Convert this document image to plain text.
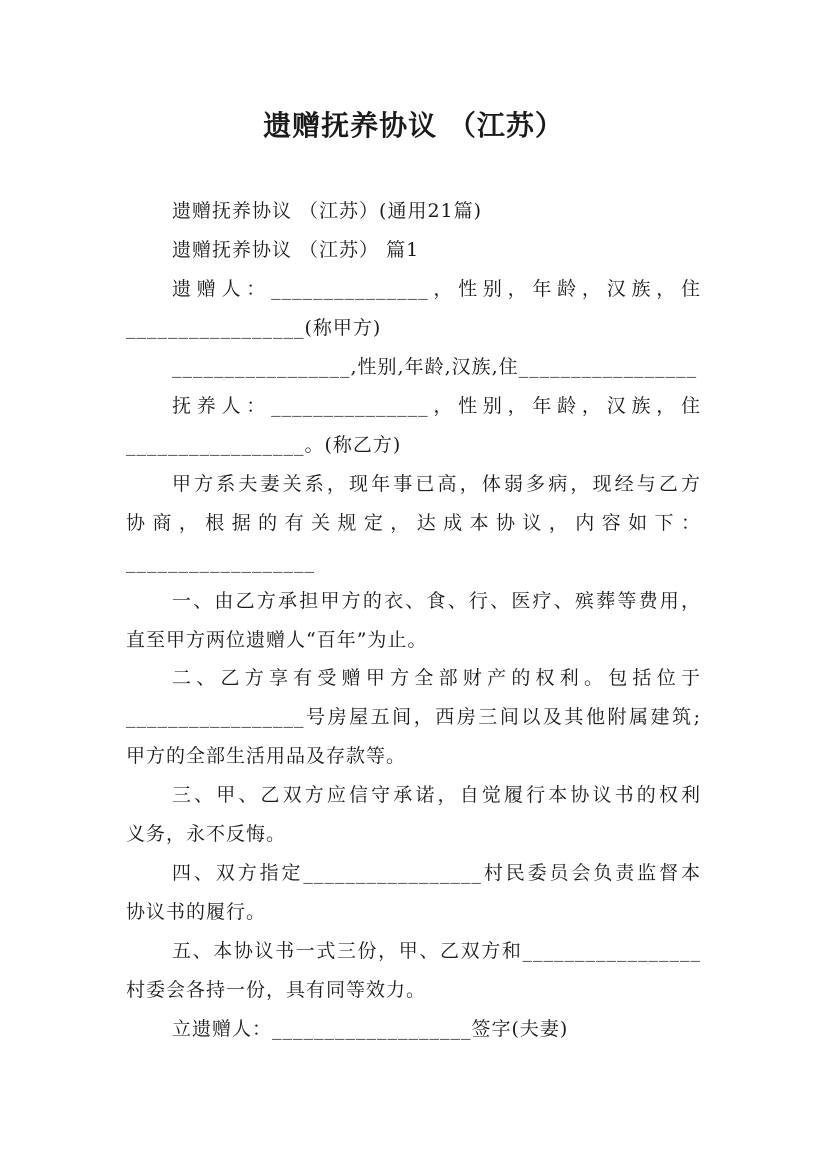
遗赠抚养协议 （江苏）

遗赠抚养协议 （江苏）(通用21篇)

遗赠抚养协议 （江苏） 篇1

遗赠人：_______________，性别，年龄，汉族，住

_________________(称甲方)

_________________,性别,年龄,汉族,住_________________

抚养人：_______________，性别，年龄，汉族，住

_________________。(称乙方)

甲方系夫妻关系，现年事已高，体弱多病，现经与乙方

协商，根据的有关规定，达成本协议，内容如下：

__________________

一、由乙方承担甲方的衣、食、行、医疗、殡葬等费用，

直至甲方两位遗赠人“百年”为止。

二、乙方享有受赠甲方全部财产的权利。包括位于

_________________号房屋五间，西房三间以及其他附属建筑;

甲方的全部生活用品及存款等。

三、甲、乙双方应信守承诺，自觉履行本协议书的权利

义务，永不反悔。

四、双方指定_________________村民委员会负责监督本

协议书的履行。

五、本协议书一式三份，甲、乙双方和_________________

村委会各持一份，具有同等效力。

立遗赠人：___________________签字(夫妻)
